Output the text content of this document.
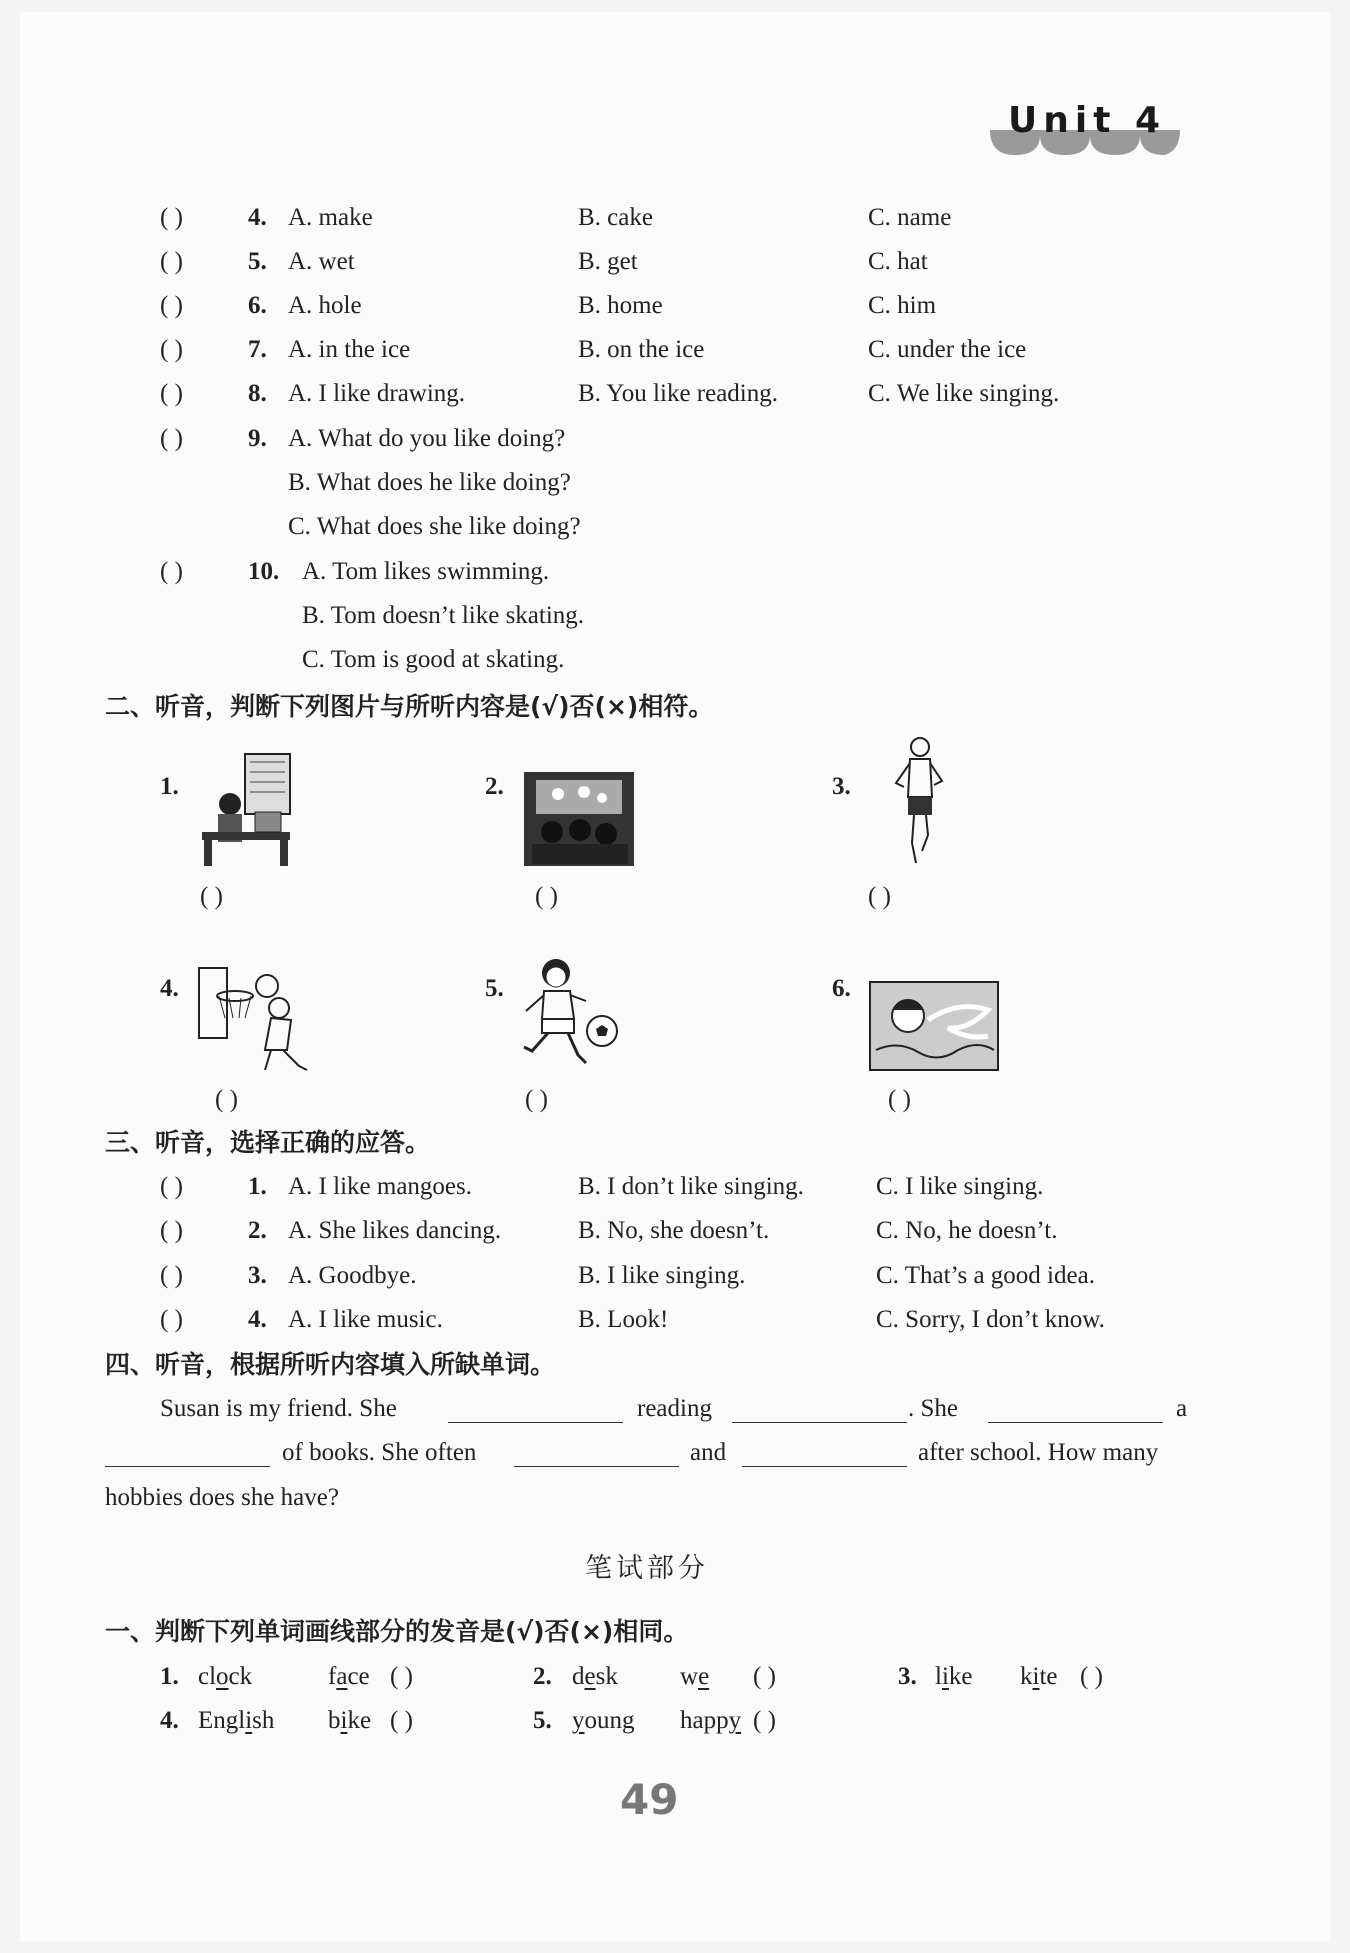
Unit 4
( )	4. A. make	B. cake	C. name
( )	5. A. wet	B. get	C. hat
( )	6. A. hole	B. home	C. him
( )	7. A. in the ice	B. on the ice	C. under the ice
( )	8. A. I like drawing.	B. You like reading.	C. We like singing.
( )	9. A. What do you like doing?
B. What does he like doing?
C. What does she like doing?
( )	10. A. Tom likes swimming.
B. Tom doesn’t like skating.
C. Tom is good at skating.
二、听音，判断下列图片与所听内容是(√)否(×)相符。
1.
( )
2.
( )
3.
( )
4.
( )
5.
( )
6.
( )
三、听音，选择正确的应答。
( )	1. A. I like mangoes.	B. I don’t like singing.	C. I like singing.
( )	2. A. She likes dancing.	B. No, she doesn’t.	C. No, he doesn’t.
( )	3. A. Goodbye.	B. I like singing.	C. That’s a good idea.
( )	4. A. I like music.	B. Look!	C. Sorry, I don’t know.
四、听音，根据所听内容填入所缺单词。
Susan is my friend. She	reading	. She	a
of books. She often	and	after school. How many
hobbies does she have?
笔试部分
一、判断下列单词画线部分的发音是(√)否(×)相同。
1. clock	face ( )	2. desk we ( )	3. like kite ( )
4. English bike ( )	5. young happy ( )
49
